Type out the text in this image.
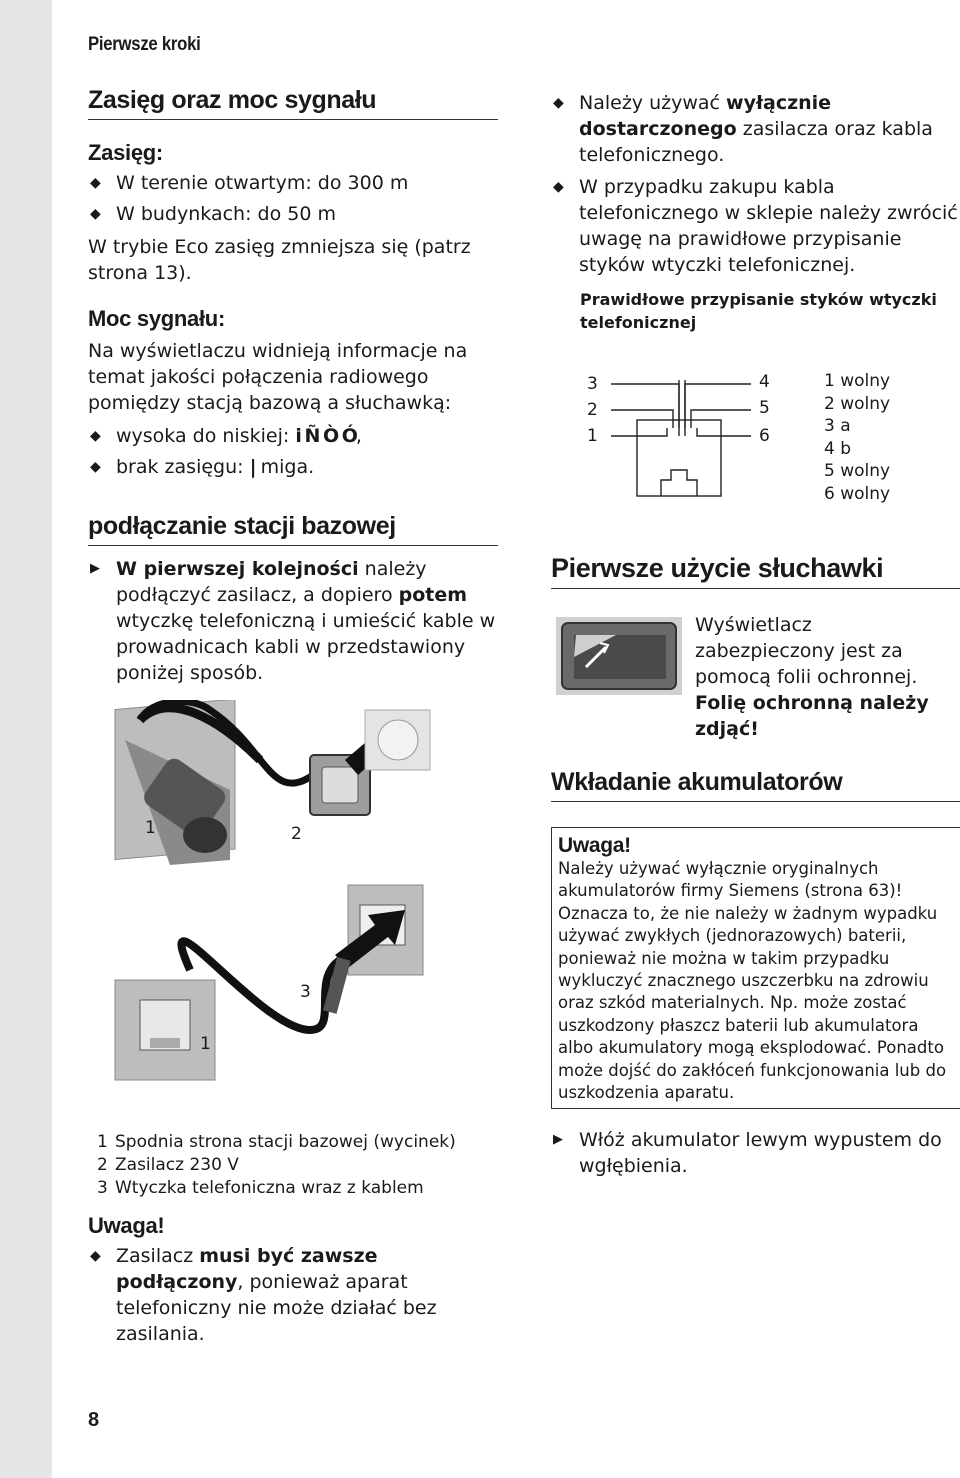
Pierwsze kroki
Zasięg oraz moc sygnału
Zasięg:
◆ W terenie otwartym: do 300 m
◆ W budynkach: do 50 m

W trybie Eco zasięg zmniejsza się (patrz strona 13).

Moc sygnału:

Na wyświetlaczu widnieją informacje na temat jakości połączenia radiowego pomiędzy stacją bazową a słuchawką:

◆ wysoka do niskiej: i Ñ Ò Ó,
◆ brak zasięgu: | miga.
podłączanie stacji bazowej
▶ W pierwszej kolejności należy podłączyć zasilacz, a dopiero potem wtyczkę telefoniczną i umieścić kable w prowadnicach kabli w przedstawiony poniżej sposób.
1	2
3
1
1 Spodnia strona stacji bazowej (wycinek)
2 Zasilacz 230 V
3 Wtyczka telefoniczna wraz z kablem
Uwaga!
◆ Zasilacz musi być zawsze podłączony, ponieważ aparat telefoniczny nie może działać bez zasilania.
◆ Należy używać wyłącznie dostarczonego zasilacza oraz kabla telefonicznego.
◆ W przypadku zakupu kabla telefonicznego w sklepie należy zwrócić uwagę na prawidłowe przypisanie styków wtyczki telefonicznej.

Prawidłowe przypisanie styków wtyczki telefonicznej

3
2
1
4
5
6
1 wolny
2 wolny
3 a
4 b
5 wolny
6 wolny
Pierwsze użycie słuchawki
Wyświetlacz zabezpieczony jest za pomocą folii ochronnej.
Folię ochronną należy zdjąć!
Wkładanie akumulatorów
Uwaga!

Należy używać wyłącznie oryginalnych akumulatorów firmy Siemens (strona 63)! Oznacza to, że nie należy w żadnym wypadku używać zwykłych (jednorazowych) baterii, ponieważ nie można w takim przypadku wykluczyć znacznego uszczerbku na zdrowiu oraz szkód materialnych. Np. może zostać uszkodzony płaszcz baterii lub akumulatora albo akumulatory mogą eksplodować. Ponadto może dojść do zakłóceń funkcjonowania lub do uszkodzenia aparatu.

▶ Włóż akumulator lewym wypustem do wgłębienia.
8
